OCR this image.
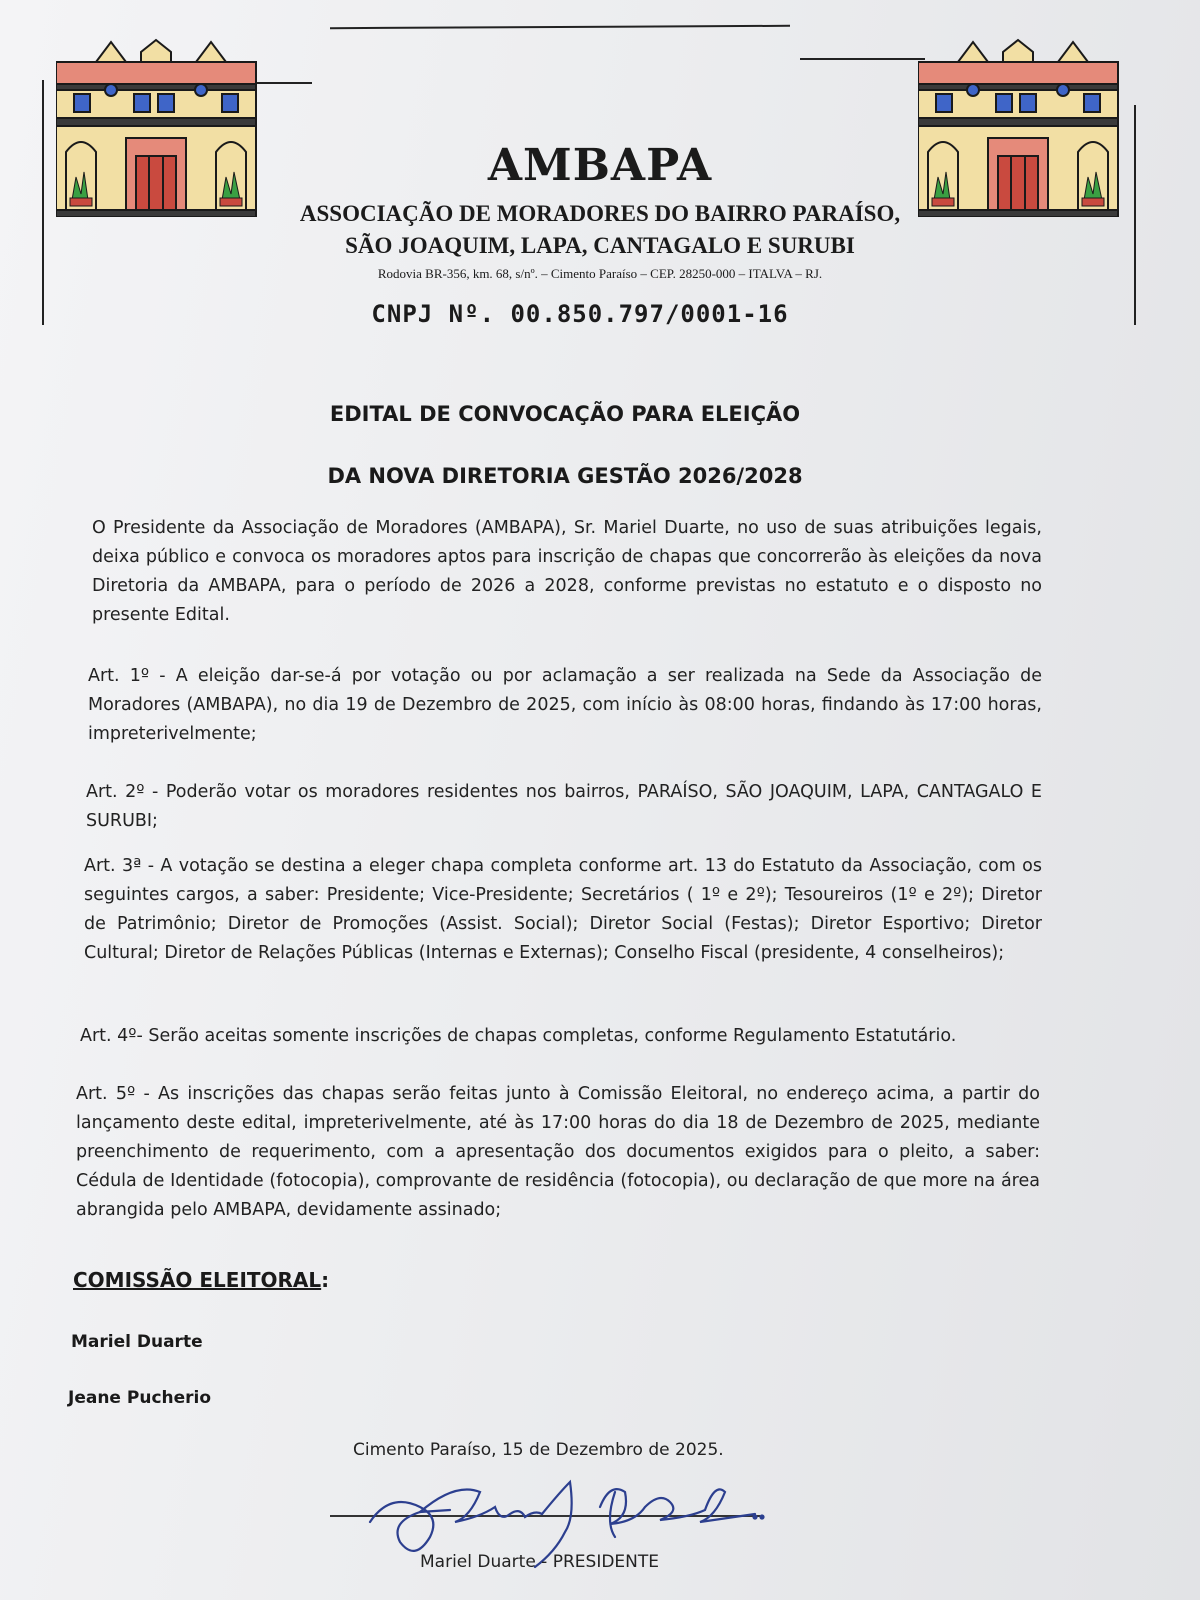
AMBAPA
ASSOCIAÇÃO DE MORADORES DO BAIRRO PARAÍSO,
SÃO JOAQUIM, LAPA, CANTAGALO E SURUBI
Rodovia BR-356, km. 68, s/nº. – Cimento Paraíso – CEP. 28250-000 – ITALVA – RJ.
CNPJ Nº. 00.850.797/0001-16
EDITAL DE CONVOCAÇÃO PARA ELEIÇÃO
DA NOVA DIRETORIA GESTÃO 2026/2028
O Presidente da Associação de Moradores (AMBAPA), Sr. Mariel Duarte, no uso de suas atribuições legais, deixa público e convoca os moradores aptos para inscrição de chapas que concorrerão às eleições da nova Diretoria da AMBAPA, para o período de 2026 a 2028, conforme previstas no estatuto e o disposto no presente Edital.
Art. 1º - A eleição dar-se-á por votação ou por aclamação a ser realizada na Sede da Associação de Moradores (AMBAPA), no dia 19 de Dezembro de 2025, com início às 08:00 horas, findando às 17:00 horas, impreterivelmente;
Art. 2º - Poderão votar os moradores residentes nos bairros, PARAÍSO, SÃO JOAQUIM, LAPA, CANTAGALO E SURUBI;
Art. 3ª - A votação se destina a eleger chapa completa conforme art. 13 do Estatuto da Associação, com os seguintes cargos, a saber: Presidente; Vice-Presidente; Secretários ( 1º e 2º); Tesoureiros (1º e 2º); Diretor de Patrimônio; Diretor de Promoções (Assist. Social); Diretor Social (Festas); Diretor Esportivo; Diretor Cultural; Diretor de Relações Públicas (Internas e Externas); Conselho Fiscal (presidente, 4 conselheiros);
Art. 4º- Serão aceitas somente inscrições de chapas completas, conforme Regulamento Estatutário.
Art. 5º - As inscrições das chapas serão feitas junto à Comissão Eleitoral, no endereço acima, a partir do lançamento deste edital, impreterivelmente, até às 17:00 horas do dia 18 de Dezembro de 2025, mediante preenchimento de requerimento, com a apresentação dos documentos exigidos para o pleito, a saber: Cédula de Identidade (fotocopia), comprovante de residência (fotocopia), ou declaração de que more na área abrangida pelo AMBAPA, devidamente assinado;
COMISSÃO ELEITORAL:
Mariel Duarte
Jeane Pucherio
Cimento Paraíso, 15 de Dezembro de 2025.
Mariel Duarte - PRESIDENTE
